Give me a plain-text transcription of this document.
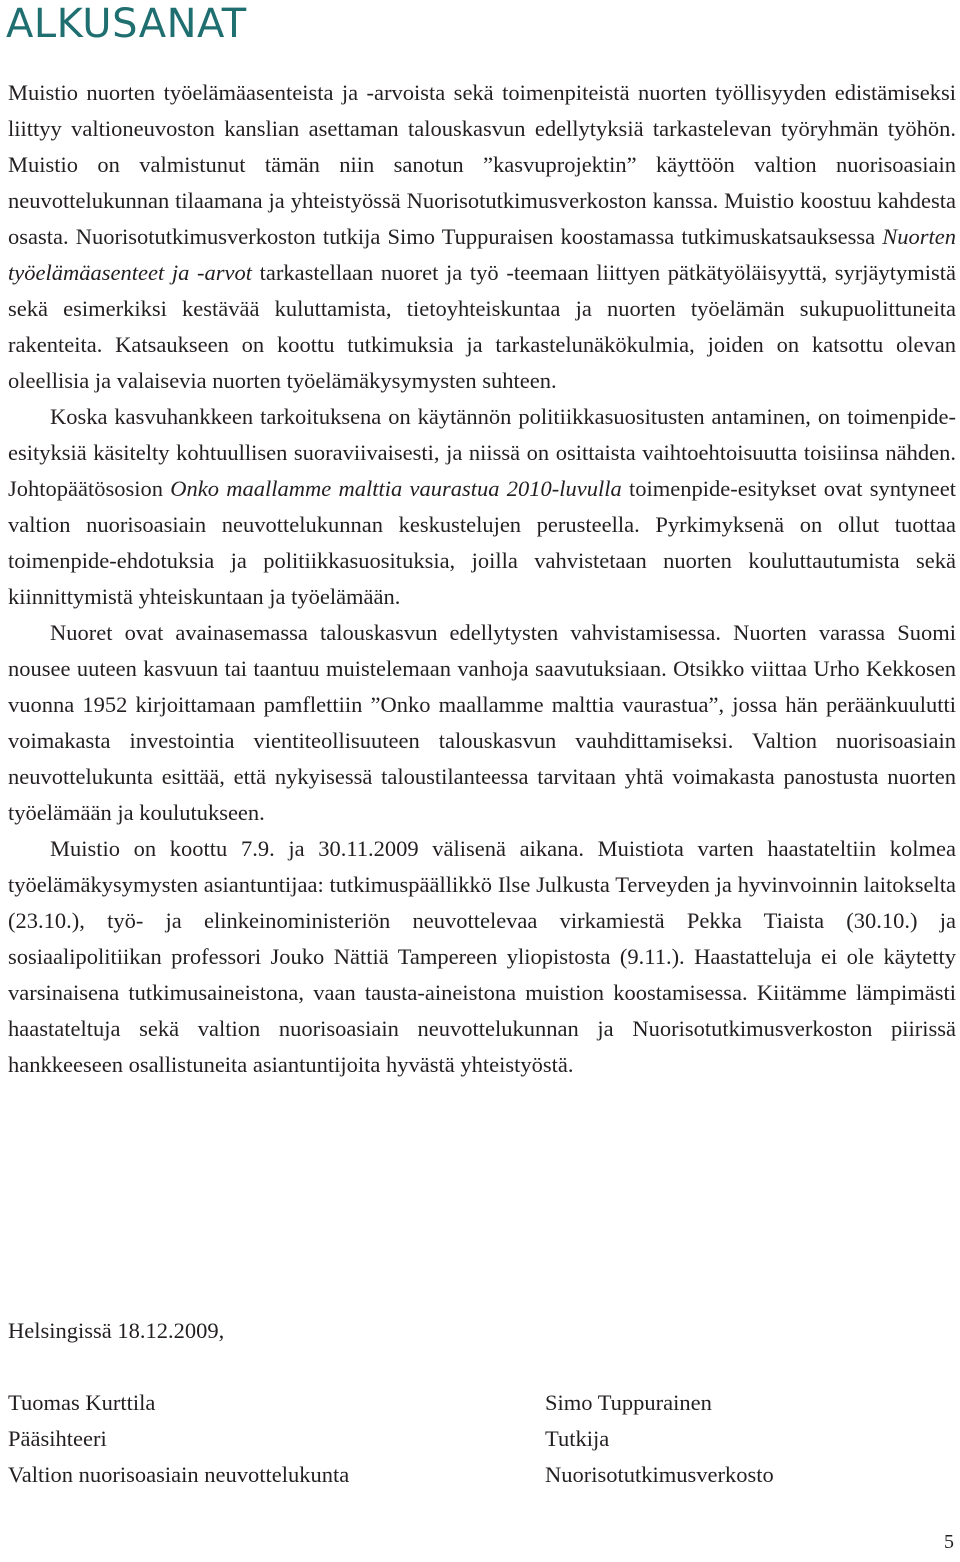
ALKUSANAT

Muistio nuorten työelämäasenteista ja -arvoista sekä toimenpiteistä nuorten työllisyyden edistämiseksi liittyy valtioneuvoston kanslian asettaman talouskasvun edellytyksiä tarkastelevan työryhmän työhön. Muistio on valmistunut tämän niin sanotun ”kasvuprojektin” käyttöön valtion nuorisoasiain neuvottelukunnan tilaamana ja yhteistyössä Nuorisotutkimusverkoston kanssa. Muistio koostuu kahdesta osasta. Nuorisotutkimusverkoston tutkija Simo Tuppuraisen koostamassa tutkimuskatsauksessa Nuorten työelämäasenteet ja -arvot tarkastellaan nuoret ja työ -teemaan liittyen pätkätyöläisyyttä, syrjäytymistä sekä esimerkiksi kestävää kuluttamista, tietoyhteiskuntaa ja nuorten työelämän sukupuolittuneita rakenteita. Katsaukseen on koottu tutkimuksia ja tarkastelunäkökulmia, joiden on katsottu olevan oleellisia ja valaisevia nuorten työelämäkysymysten suhteen.

Koska kasvuhankkeen tarkoituksena on käytännön politiikkasuositusten antaminen, on toimenpide-esityksiä käsitelty kohtuullisen suoraviivaisesti, ja niissä on osittaista vaihtoehtoisuutta toisiinsa nähden. Johtopäätösosion Onko maallamme malttia vaurastua 2010-luvulla toimenpide-esitykset ovat syntyneet valtion nuorisoasiain neuvottelukunnan keskustelujen perusteella. Pyrkimyksenä on ollut tuottaa toimenpide-ehdotuksia ja politiikkasuosituksia, joilla vahvistetaan nuorten kouluttautumista sekä kiinnittymistä yhteiskuntaan ja työelämään.

Nuoret ovat avainasemassa talouskasvun edellytysten vahvistamisessa. Nuorten varassa Suomi nousee uuteen kasvuun tai taantuu muistelemaan vanhoja saavutuksiaan. Otsikko viittaa Urho Kekkosen vuonna 1952 kirjoittamaan pamflettiin ”Onko maallamme malttia vaurastua”, jossa hän peräänkuulutti voimakasta investointia vientiteollisuuteen talouskasvun vauhdittamiseksi. Valtion nuorisoasiain neuvottelukunta esittää, että nykyisessä taloustilanteessa tarvitaan yhtä voimakasta panostusta nuorten työelämään ja koulutukseen.

Muistio on koottu 7.9. ja 30.11.2009 välisenä aikana. Muistiota varten haastateltiin kolmea työelämäkysymysten asiantuntijaa: tutkimuspäällikkö Ilse Julkusta Terveyden ja hyvinvoinnin laitokselta (23.10.), työ- ja elinkeinoministeriön neuvottelevaa virkamiestä Pekka Tiaista (30.10.) ja sosiaalipolitiikan professori Jouko Nättiä Tampereen yliopistosta (9.11.). Haastatteluja ei ole käytetty varsinaisena tutkimusaineistona, vaan tausta-aineistona muistion koostamisessa. Kiitämme lämpimästi haastateltuja sekä valtion nuorisoasiain neuvottelukunnan ja Nuorisotutkimusverkoston piirissä hankkeeseen osallistuneita asiantuntijoita hyvästä yhteistyöstä.

Helsingissä 18.12.2009,
Tuomas Kurttila
Pääsihteeri
Valtion nuorisoasiain neuvottelukunta
Simo Tuppurainen
Tutkija
Nuorisotutkimusverkosto
5
